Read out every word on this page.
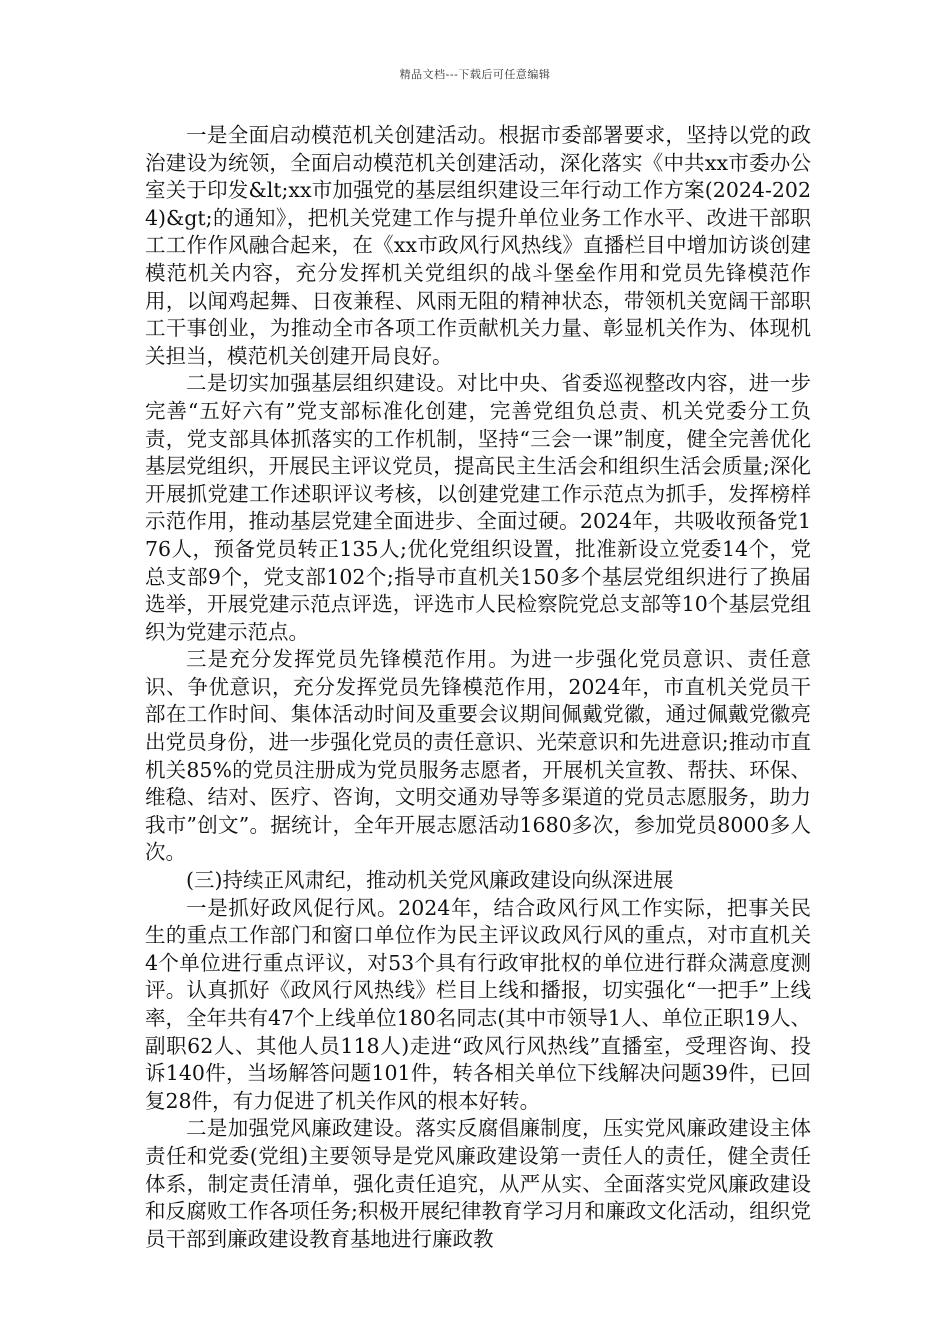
精品文档---下载后可任意编辑

一是全面启动模范机关创建活动。根据市委部署要求，坚持以党的政治建设为统领，全面启动模范机关创建活动，深化落实《中共xx市委办公室关于印发&lt;xx市加强党的基层组织建设三年行动工作方案(2024-2024)&gt;的通知》，把机关党建工作与提升单位业务工作水平、改进干部职工工作作风融合起来，在《xx市政风行风热线》直播栏目中增加访谈创建模范机关内容，充分发挥机关党组织的战斗堡垒作用和党员先锋模范作用，以闻鸡起舞、日夜兼程、风雨无阻的精神状态，带领机关宽阔干部职工干事创业，为推动全市各项工作贡献机关力量、彰显机关作为、体现机关担当，模范机关创建开局良好。

二是切实加强基层组织建设。对比中央、省委巡视整改内容，进一步完善“五好六有”党支部标准化创建，完善党组负总责、机关党委分工负责，党支部具体抓落实的工作机制，坚持“三会一课”制度，健全完善优化基层党组织，开展民主评议党员，提高民主生活会和组织生活会质量;深化开展抓党建工作述职评议考核，以创建党建工作示范点为抓手，发挥榜样示范作用，推动基层党建全面进步、全面过硬。2024年，共吸收预备党176人，预备党员转正135人;优化党组织设置，批准新设立党委14个，党总支部9个，党支部102个;指导市直机关150多个基层党组织进行了换届选举，开展党建示范点评选，评选市人民检察院党总支部等10个基层党组织为党建示范点。

三是充分发挥党员先锋模范作用。为进一步强化党员意识、责任意识、争优意识，充分发挥党员先锋模范作用，2024年，市直机关党员干部在工作时间、集体活动时间及重要会议期间佩戴党徽，通过佩戴党徽亮出党员身份，进一步强化党员的责任意识、光荣意识和先进意识;推动市直机关85%的党员注册成为党员服务志愿者，开展机关宣教、帮扶、环保、维稳、结对、医疗、咨询，文明交通劝导等多渠道的党员志愿服务，助力我市”创文”。据统计，全年开展志愿活动1680多次，参加党员8000多人次。

(三)持续正风肃纪，推动机关党风廉政建设向纵深进展

一是抓好政风促行风。2024年，结合政风行风工作实际，把事关民生的重点工作部门和窗口单位作为民主评议政风行风的重点，对市直机关4个单位进行重点评议，对53个具有行政审批权的单位进行群众满意度测评。认真抓好《政风行风热线》栏目上线和播报，切实强化“一把手”上线率，全年共有47个上线单位180名同志(其中市领导1人、单位正职19人、副职62人、其他人员118人)走进“政风行风热线”直播室，受理咨询、投诉140件，当场解答问题101件，转各相关单位下线解决问题39件，已回复28件，有力促进了机关作风的根本好转。

二是加强党风廉政建设。落实反腐倡廉制度，压实党风廉政建设主体责任和党委(党组)主要领导是党风廉政建设第一责任人的责任，健全责任体系，制定责任清单，强化责任追究，从严从实、全面落实党风廉政建设和反腐败工作各项任务;积极开展纪律教育学习月和廉政文化活动，组织党员干部到廉政建设教育基地进行廉政教
